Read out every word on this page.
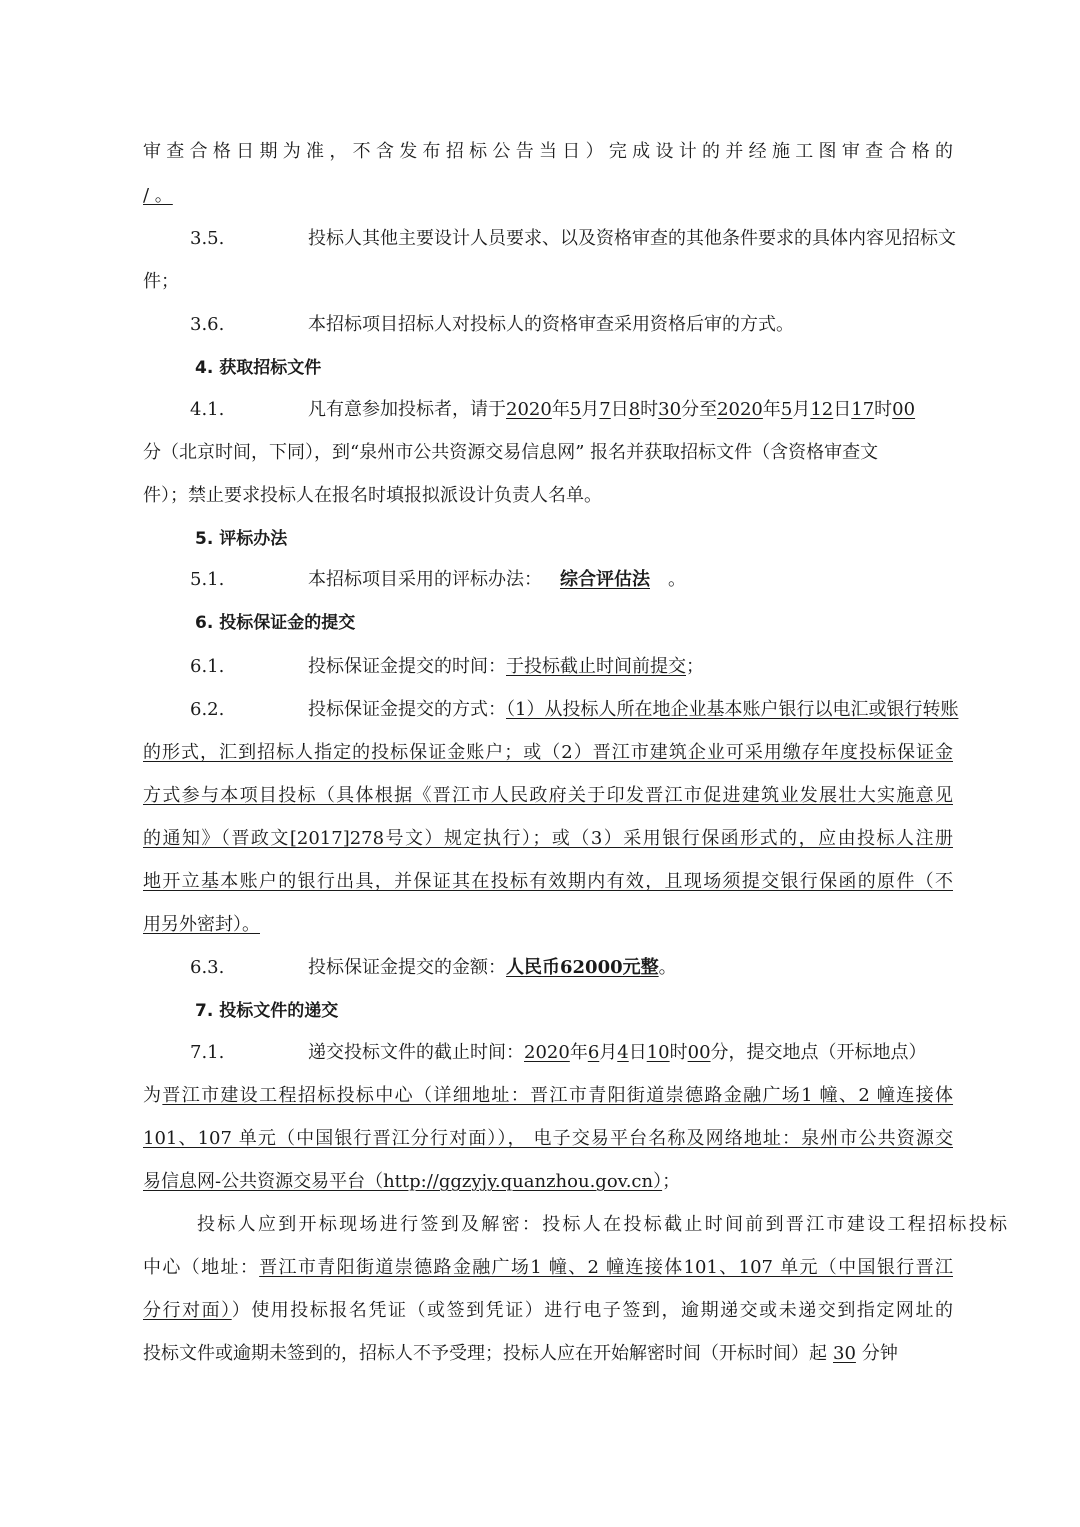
审查合格日期为准，不含发布招标公告当日）完成设计的并经施工图审查合格的
/ 。
3.5.	投标人其他主要设计人员要求、以及资格审查的其他条件要求的具体内容见招标文
件；
3.6.	本招标项目招标人对投标人的资格审查采用资格后审的方式。
4. 获取招标文件
4.1.	凡有意参加投标者，请于2020年5月7日8时30分至2020年5月12日17时00
分（北京时间，下同），到“泉州市公共资源交易信息网” 报名并获取招标文件（含资格审查文
件）；禁止要求投标人在报名时填报拟派设计负责人名单。
5. 评标办法
5.1.	本招标项目采用的评标办法： 综合评估法 。
6. 投标保证金的提交
6.1.	投标保证金提交的时间：于投标截止时间前提交；
6.2.	投标保证金提交的方式：（1）从投标人所在地企业基本账户银行以电汇或银行转账
的形式，汇到招标人指定的投标保证金账户；或（2）晋江市建筑企业可采用缴存年度投标保证金
方式参与本项目投标（具体根据《晋江市人民政府关于印发晋江市促进建筑业发展壮大实施意见
的通知》（晋政文[2017]278号文）规定执行）；或（3）采用银行保函形式的，应由投标人注册
地开立基本账户的银行出具，并保证其在投标有效期内有效，且现场须提交银行保函的原件（不
用另外密封）。
6.3.	投标保证金提交的金额：人民币62000元整。
7. 投标文件的递交
7.1.	递交投标文件的截止时间：2020年6月4日10时00分，提交地点（开标地点）
为晋江市建设工程招标投标中心（详细地址：晋江市青阳街道崇德路金融广场1 幢、2 幢连接体
101、107 单元（中国银行晋江分行对面））， 电子交易平台名称及网络地址：泉州市公共资源交
易信息网-公共资源交易平台（http://ggzyjy.quanzhou.gov.cn）；
投标人应到开标现场进行签到及解密：投标人在投标截止时间前到晋江市建设工程招标投标
中心（地址：晋江市青阳街道崇德路金融广场1 幢、2 幢连接体101、107 单元（中国银行晋江
分行对面））使用投标报名凭证（或签到凭证）进行电子签到，逾期递交或未递交到指定网址的
投标文件或逾期未签到的，招标人不予受理；投标人应在开始解密时间（开标时间）起 30 分钟
